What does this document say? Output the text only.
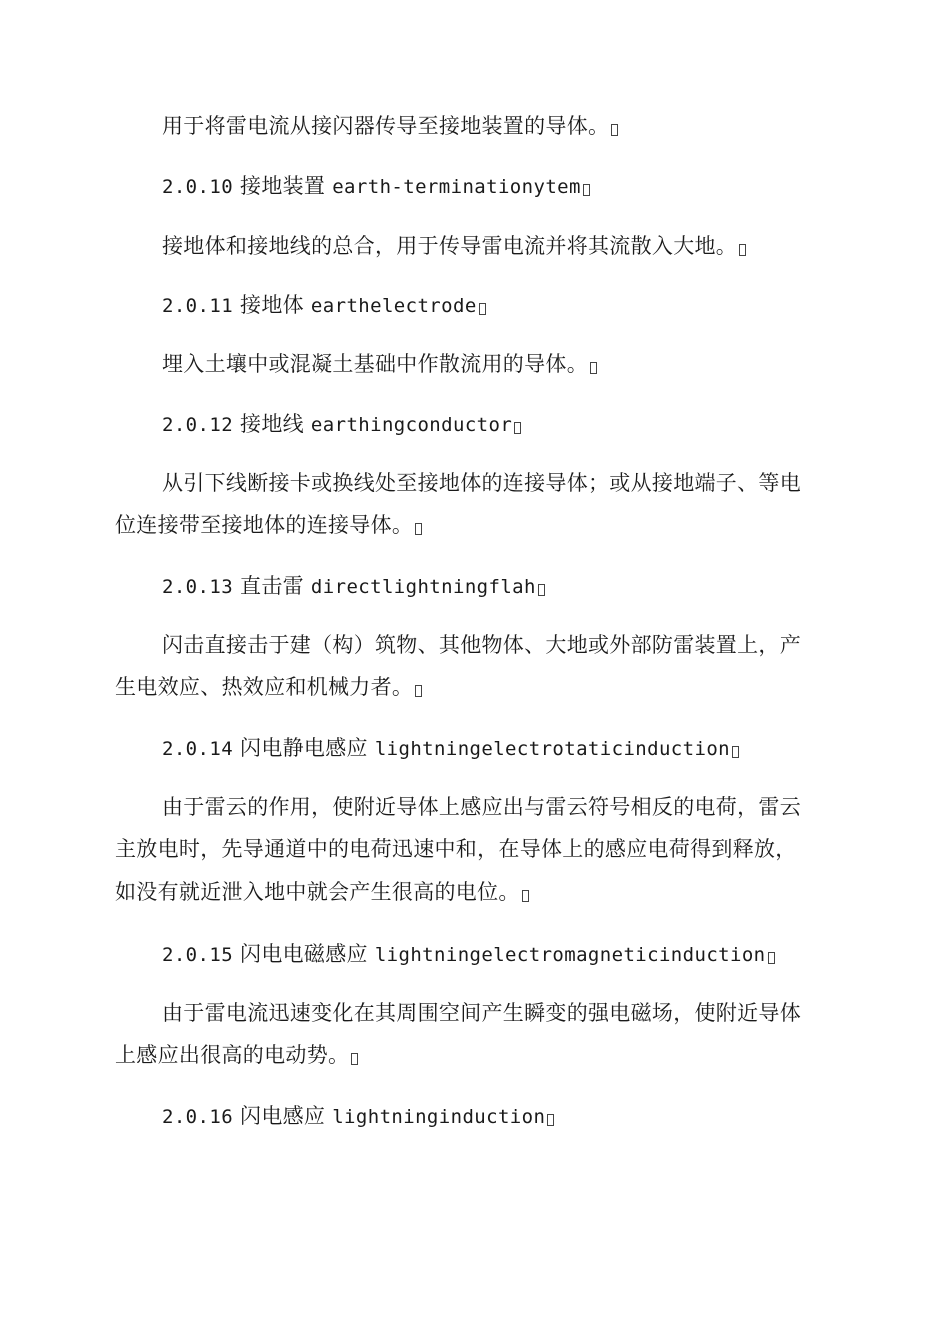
用于将雷电流从接闪器传导至接地装置的导体。
2.0.10 接地装置 earth-terminationytem
接地体和接地线的总合，用于传导雷电流并将其流散入大地。
2.0.11 接地体 earthelectrode
埋入土壤中或混凝土基础中作散流用的导体。
2.0.12 接地线 earthingconductor
从引下线断接卡或换线处至接地体的连接导体；或从接地端子、等电
位连接带至接地体的连接导体。
2.0.13 直击雷 directlightningflah
闪击直接击于建（构）筑物、其他物体、大地或外部防雷装置上，产
生电效应、热效应和机械力者。
2.0.14 闪电静电感应 lightningelectrotaticinduction
由于雷云的作用，使附近导体上感应出与雷云符号相反的电荷，雷云
主放电时，先导通道中的电荷迅速中和，在导体上的感应电荷得到释放，
如没有就近泄入地中就会产生很高的电位。
2.0.15 闪电电磁感应 lightningelectromagneticinduction
由于雷电流迅速变化在其周围空间产生瞬变的强电磁场，使附近导体
上感应出很高的电动势。
2.0.16 闪电感应 lightninginduction
